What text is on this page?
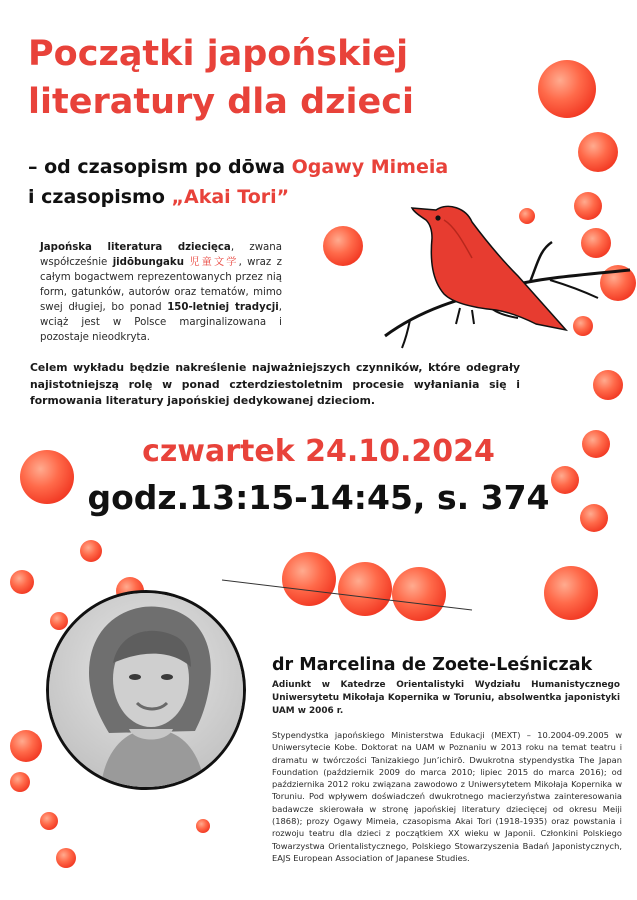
Początki japońskiej
literatury dla dzieci

– od czasopism po dōwa Ogawy Mimeia
i czasopismo „Akai Tori”

Japońska literatura dziecięca, zwana współcześnie jidōbungaku 児童文学, wraz z całym bogactwem reprezentowanych przez nią form, gatunków, autorów oraz tematów, mimo swej długiej, bo ponad 150-letniej tradycji, wciąż jest w Polsce marginalizowana i pozostaje nieodkryta.

Celem wykładu będzie nakreślenie najważniejszych czynników, które odegrały najistotniejszą rolę w ponad czterdziestoletnim procesie wyłaniania się i formowania literatury japońskiej dedykowanej dzieciom.

czwartek 24.10.2024
godz.13:15-14:45, s. 374
dr Marcelina de Zoete-Leśniczak

Adiunkt w Katedrze Orientalistyki Wydziału Humanistycznego Uniwersytetu Mikołaja Kopernika w Toruniu, absolwentka japonistyki UAM w 2006 r.

Stypendystka japońskiego Ministerstwa Edukacji (MEXT) – 10.2004-09.2005 w Uniwersytecie Kobe. Doktorat na UAM w Poznaniu w 2013 roku na temat teatru i dramatu w twórczości Tanizakiego Jun’ichirō. Dwukrotna stypendystka The Japan Foundation (październik 2009 do marca 2010; lipiec 2015 do marca 2016); od października 2012 roku związana zawodowo z Uniwersytetem Mikołaja Kopernika w Toruniu. Pod wpływem doświadczeń dwukrotnego macierzyństwa zainteresowania badawcze skierowała w stronę japońskiej literatury dziecięcej od okresu Meiji (1868); prozy Ogawy Mimeia, czasopisma Akai Tori (1918-1935) oraz powstania i rozwoju teatru dla dzieci z początkiem XX wieku w Japonii. Członkini Polskiego Towarzystwa Orientalistycznego, Polskiego Stowarzyszenia Badań Japonistycznych, EAJS European Association of Japanese Studies.
